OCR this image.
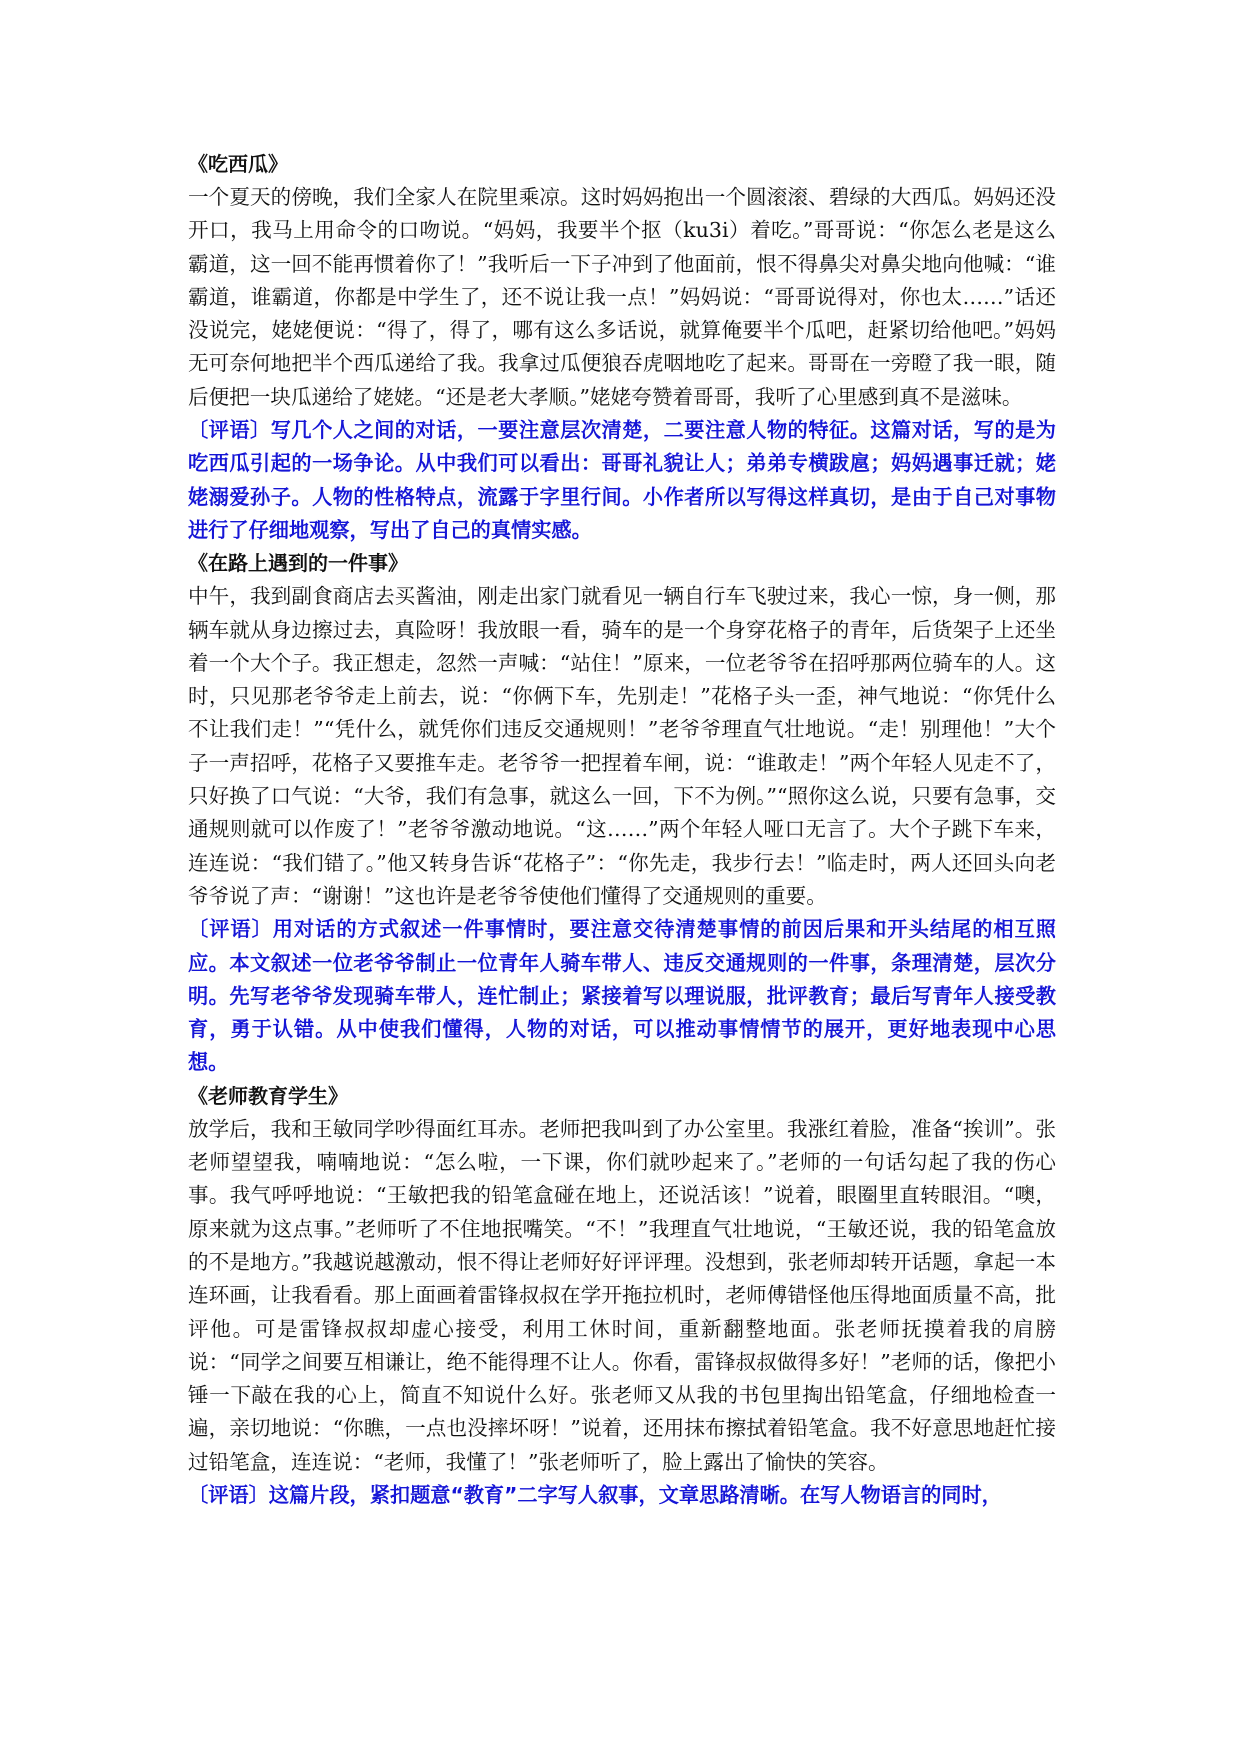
《吃西瓜》

一个夏天的傍晚，我们全家人在院里乘凉。这时妈妈抱出一个圆滚滚、碧绿的大西瓜。妈妈还没开口，我马上用命令的口吻说。“妈妈，我要半个抠（ku3i）着吃。”哥哥说：“你怎么老是这么霸道，这一回不能再惯着你了！”我听后一下子冲到了他面前，恨不得鼻尖对鼻尖地向他喊：“谁霸道，谁霸道，你都是中学生了，还不说让我一点！”妈妈说：“哥哥说得对，你也太……”话还没说完，姥姥便说：“得了，得了，哪有这么多话说，就算俺要半个瓜吧，赶紧切给他吧。”妈妈无可奈何地把半个西瓜递给了我。我拿过瓜便狼吞虎咽地吃了起来。哥哥在一旁瞪了我一眼，随后便把一块瓜递给了姥姥。“还是老大孝顺。”姥姥夸赞着哥哥，我听了心里感到真不是滋味。

〔评语〕写几个人之间的对话，一要注意层次清楚，二要注意人物的特征。这篇对话，写的是为吃西瓜引起的一场争论。从中我们可以看出：哥哥礼貌让人；弟弟专横跋扈；妈妈遇事迁就；姥姥溺爱孙子。人物的性格特点，流露于字里行间。小作者所以写得这样真切，是由于自己对事物进行了仔细地观察，写出了自己的真情实感。

《在路上遇到的一件事》

中午，我到副食商店去买酱油，刚走出家门就看见一辆自行车飞驶过来，我心一惊，身一侧，那辆车就从身边擦过去，真险呀！我放眼一看，骑车的是一个身穿花格子的青年，后货架子上还坐着一个大个子。我正想走，忽然一声喊：“站住！”原来，一位老爷爷在招呼那两位骑车的人。这时，只见那老爷爷走上前去，说：“你俩下车，先别走！”花格子头一歪，神气地说：“你凭什么不让我们走！”“凭什么，就凭你们违反交通规则！”老爷爷理直气壮地说。“走！别理他！”大个子一声招呼，花格子又要推车走。老爷爷一把捏着车闸，说：“谁敢走！”两个年轻人见走不了，只好换了口气说：“大爷，我们有急事，就这么一回，下不为例。”“照你这么说，只要有急事，交通规则就可以作废了！”老爷爷激动地说。“这……”两个年轻人哑口无言了。大个子跳下车来，连连说：“我们错了。”他又转身告诉“花格子”：“你先走，我步行去！”临走时，两人还回头向老爷爷说了声：“谢谢！”这也许是老爷爷使他们懂得了交通规则的重要。

〔评语〕用对话的方式叙述一件事情时，要注意交待清楚事情的前因后果和开头结尾的相互照应。本文叙述一位老爷爷制止一位青年人骑车带人、违反交通规则的一件事，条理清楚，层次分明。先写老爷爷发现骑车带人，连忙制止；紧接着写以理说服，批评教育；最后写青年人接受教育，勇于认错。从中使我们懂得，人物的对话，可以推动事情情节的展开，更好地表现中心思想。

《老师教育学生》

放学后，我和王敏同学吵得面红耳赤。老师把我叫到了办公室里。我涨红着脸，准备“挨训”。张老师望望我，喃喃地说：“怎么啦，一下课，你们就吵起来了。”老师的一句话勾起了我的伤心事。我气呼呼地说：“王敏把我的铅笔盒碰在地上，还说活该！”说着，眼圈里直转眼泪。“噢，原来就为这点事。”老师听了不住地抿嘴笑。“不！”我理直气壮地说，“王敏还说，我的铅笔盒放的不是地方。”我越说越激动，恨不得让老师好好评评理。没想到，张老师却转开话题，拿起一本连环画，让我看看。那上面画着雷锋叔叔在学开拖拉机时，老师傅错怪他压得地面质量不高，批评他。可是雷锋叔叔却虚心接受，利用工休时间，重新翻整地面。张老师抚摸着我的肩膀说：“同学之间要互相谦让，绝不能得理不让人。你看，雷锋叔叔做得多好！”老师的话，像把小锤一下敲在我的心上，简直不知说什么好。张老师又从我的书包里掏出铅笔盒，仔细地检查一遍，亲切地说：“你瞧，一点也没摔坏呀！”说着，还用抹布擦拭着铅笔盒。我不好意思地赶忙接过铅笔盒，连连说：“老师，我懂了！”张老师听了，脸上露出了愉快的笑容。

〔评语〕这篇片段，紧扣题意“教育”二字写人叙事，文章思路清晰。在写人物语言的同时，
